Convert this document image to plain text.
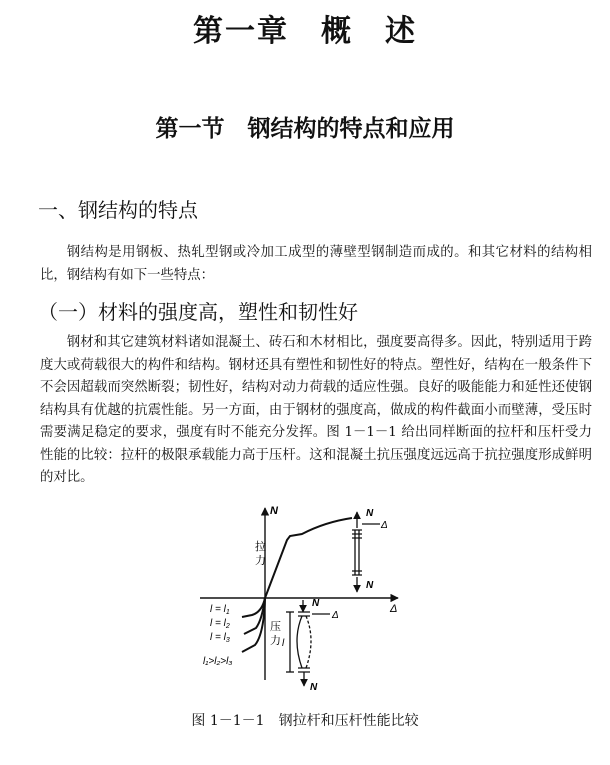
第一章　概　述
第一节　钢结构的特点和应用
一、钢结构的特点

钢结构是用钢板、热轧型钢或冷加工成型的薄壁型钢制造而成的。和其它材料的结构相比，钢结构有如下一些特点：

（一）材料的强度高，塑性和韧性好

钢材和其它建筑材料诸如混凝土、砖石和木材相比，强度要高得多。因此，特别适用于跨度大或荷载很大的构件和结构。钢材还具有塑性和韧性好的特点。塑性好，结构在一般条件下不会因超载而突然断裂；韧性好，结构对动力荷载的适应性强。良好的吸能能力和延性还使钢结构具有优越的抗震性能。另一方面，由于钢材的强度高，做成的构件截面小而壁薄，受压时需要满足稳定的要求，强度有时不能充分发挥。图 1－1－1 给出同样断面的拉杆和压杆受力性能的比较：拉杆的极限承载能力高于压杆。这和混凝土抗压强度远远高于抗拉强度形成鲜明的对比。

N
Δ
拉力
$l = l_1$
$l = l_2$
$l = l_3$
l₁>l₂>l₃
压力
N
Δ
N
N
Δ
l
N

图 1－1－1　钢拉杆和压杆性能比较
